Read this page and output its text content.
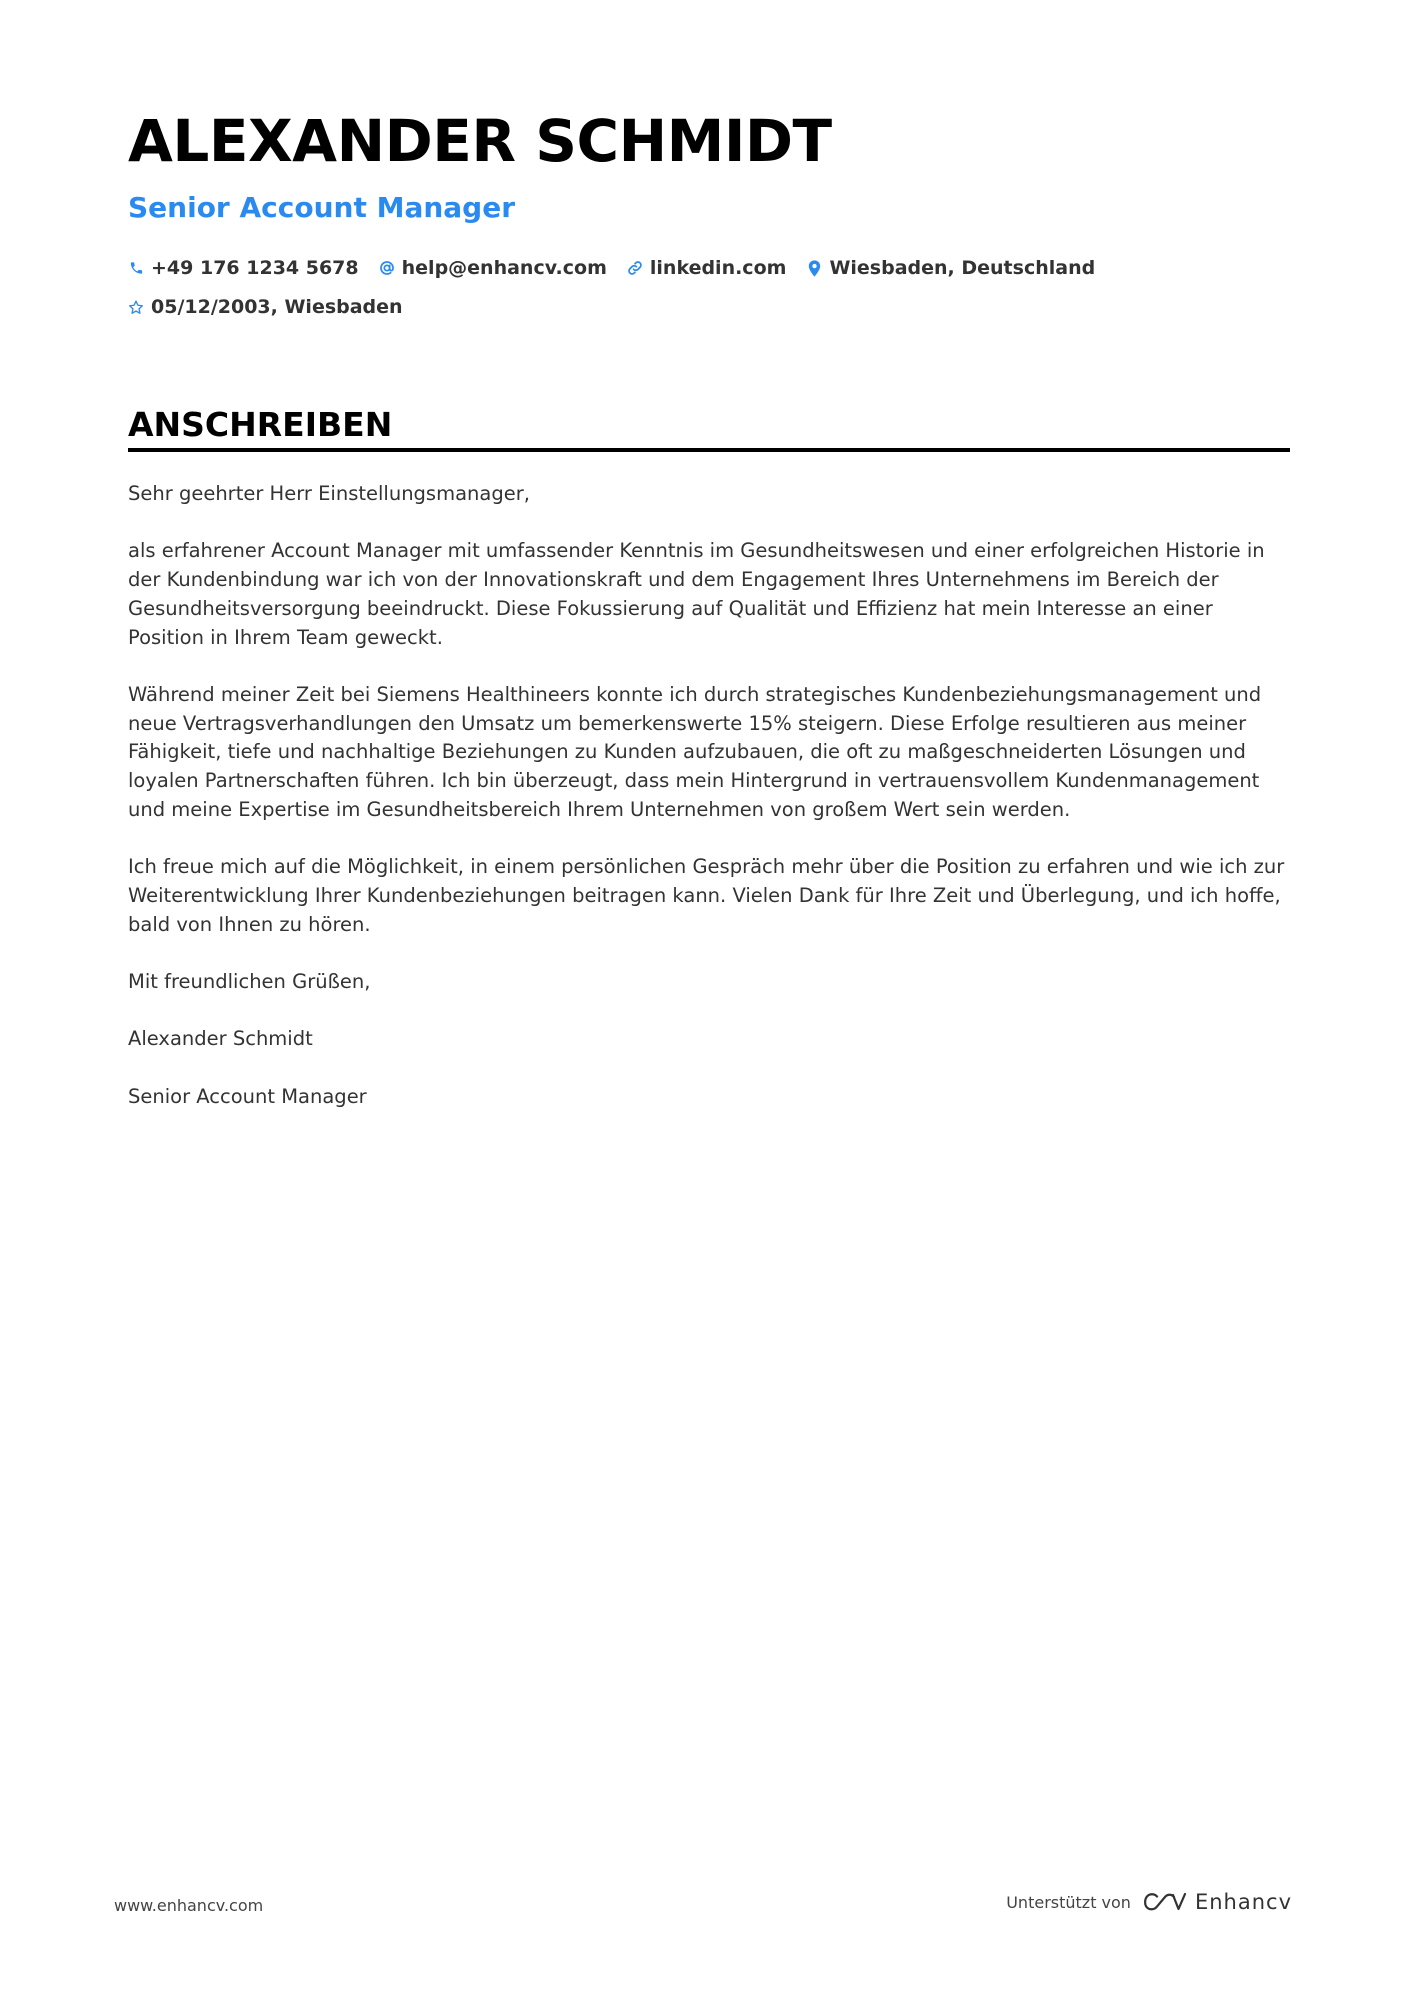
ALEXANDER SCHMIDT
Senior Account Manager
+49 176 1234 5678 help@enhancv.com linkedin.com Wiesbaden, Deutschland
05/12/2003, Wiesbaden
ANSCHREIBEN

Sehr geehrter Herr Einstellungsmanager,

als erfahrener Account Manager mit umfassender Kenntnis im Gesundheitswesen und einer erfolgreichen Historie in der Kundenbindung war ich von der Innovationskraft und dem Engagement Ihres Unternehmens im Bereich der Gesundheitsversorgung beeindruckt. Diese Fokussierung auf Qualität und Effizienz hat mein Interesse an einer Position in Ihrem Team geweckt.

Während meiner Zeit bei Siemens Healthineers konnte ich durch strategisches Kundenbeziehungsmanagement und neue Vertragsverhandlungen den Umsatz um bemerkenswerte 15% steigern. Diese Erfolge resultieren aus meiner Fähigkeit, tiefe und nachhaltige Beziehungen zu Kunden aufzubauen, die oft zu maßgeschneiderten Lösungen und loyalen Partnerschaften führen. Ich bin überzeugt, dass mein Hintergrund in vertrauensvollem Kundenmanagement und meine Expertise im Gesundheitsbereich Ihrem Unternehmen von großem Wert sein werden.

Ich freue mich auf die Möglichkeit, in einem persönlichen Gespräch mehr über die Position zu erfahren und wie ich zur Weiterentwicklung Ihrer Kundenbeziehungen beitragen kann. Vielen Dank für Ihre Zeit und Überlegung, und ich hoffe, bald von Ihnen zu hören.

Mit freundlichen Grüßen,

Alexander Schmidt

Senior Account Manager

www.enhancv.com	Unterstützt von	Enhancv
